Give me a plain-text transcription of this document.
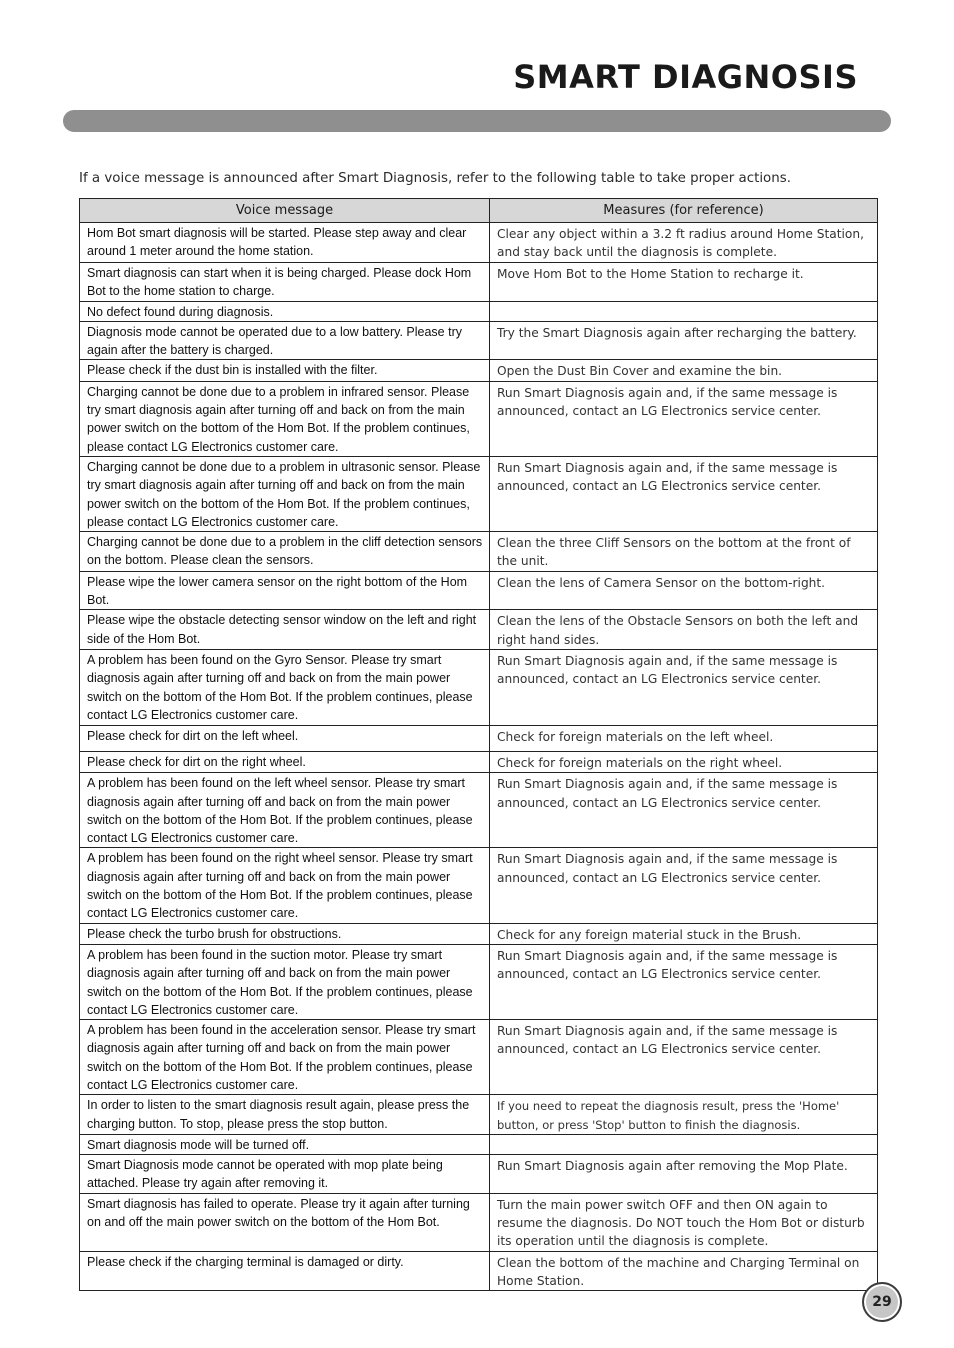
SMART DIAGNOSIS

If a voice message is announced after Smart Diagnosis, refer to the following table to take proper actions.

Voice message	Measures (for reference)
Hom Bot smart diagnosis will be started. Please step away and clear around 1 meter around the home station.	Clear any object within a 3.2 ft radius around Home Station, and stay back until the diagnosis is complete.
Smart diagnosis can start when it is being charged. Please dock Hom Bot to the home station to charge.	Move Hom Bot to the Home Station to recharge it.
No defect found during diagnosis.	
Diagnosis mode cannot be operated due to a low battery. Please try again after the battery is charged.	Try the Smart Diagnosis again after recharging the battery.
Please check if the dust bin is installed with the filter.	Open the Dust Bin Cover and examine the bin.
Charging cannot be done due to a problem in infrared sensor. Please try smart diagnosis again after turning off and back on from the main power switch on the bottom of the Hom Bot. If the problem continues, please contact LG Electronics customer care.	Run Smart Diagnosis again and, if the same message is announced, contact an LG Electronics service center.
Charging cannot be done due to a problem in ultrasonic sensor. Please try smart diagnosis again after turning off and back on from the main power switch on the bottom of the Hom Bot. If the problem continues, please contact LG Electronics customer care.	Run Smart Diagnosis again and, if the same message is announced, contact an LG Electronics service center.
Charging cannot be done due to a problem in the cliff detection sensors on the bottom. Please clean the sensors.	Clean the three Cliff Sensors on the bottom at the front of the unit.
Please wipe the lower camera sensor on the right bottom of the Hom Bot.	Clean the lens of Camera Sensor on the bottom-right.
Please wipe the obstacle detecting sensor window on the left and right side of the Hom Bot.	Clean the lens of the Obstacle Sensors on both the left and right hand sides.
A problem has been found on the Gyro Sensor. Please try smart diagnosis again after turning off and back on from the main power switch on the bottom of the Hom Bot. If the problem continues, please contact LG Electronics customer care.	Run Smart Diagnosis again and, if the same message is announced, contact an LG Electronics service center.
Please check for dirt on the left wheel.	Check for foreign materials on the left wheel.
Please check for dirt on the right wheel.	Check for foreign materials on the right wheel.
A problem has been found on the left wheel sensor. Please try smart diagnosis again after turning off and back on from the main power switch on the bottom of the Hom Bot. If the problem continues, please contact LG Electronics customer care.	Run Smart Diagnosis again and, if the same message is announced, contact an LG Electronics service center.
A problem has been found on the right wheel sensor. Please try smart diagnosis again after turning off and back on from the main power switch on the bottom of the Hom Bot. If the problem continues, please contact LG Electronics customer care.	Run Smart Diagnosis again and, if the same message is announced, contact an LG Electronics service center.
Please check the turbo brush for obstructions.	Check for any foreign material stuck in the Brush.
A problem has been found in the suction motor. Please try smart diagnosis again after turning off and back on from the main power switch on the bottom of the Hom Bot. If the problem continues, please contact LG Electronics customer care.	Run Smart Diagnosis again and, if the same message is announced, contact an LG Electronics service center.
A problem has been found in the acceleration sensor. Please try smart diagnosis again after turning off and back on from the main power switch on the bottom of the Hom Bot. If the problem continues, please contact LG Electronics customer care.	Run Smart Diagnosis again and, if the same message is announced, contact an LG Electronics service center.
In order to listen to the smart diagnosis result again, please press the charging button. To stop, please press the stop button.	If you need to repeat the diagnosis result, press the 'Home' button, or press 'Stop' button to finish the diagnosis.
Smart diagnosis mode will be turned off.	
Smart Diagnosis mode cannot be operated with mop plate being attached. Please try again after removing it.	Run Smart Diagnosis again after removing the Mop Plate.
Smart diagnosis has failed to operate. Please try it again after turning on and off the main power switch on the bottom of the Hom Bot.	Turn the main power switch OFF and then ON again to resume the diagnosis. Do NOT touch the Hom Bot or disturb its operation until the diagnosis is complete.
Please check if the charging terminal is damaged or dirty.	Clean the bottom of the machine and Charging Terminal on Home Station.
29
